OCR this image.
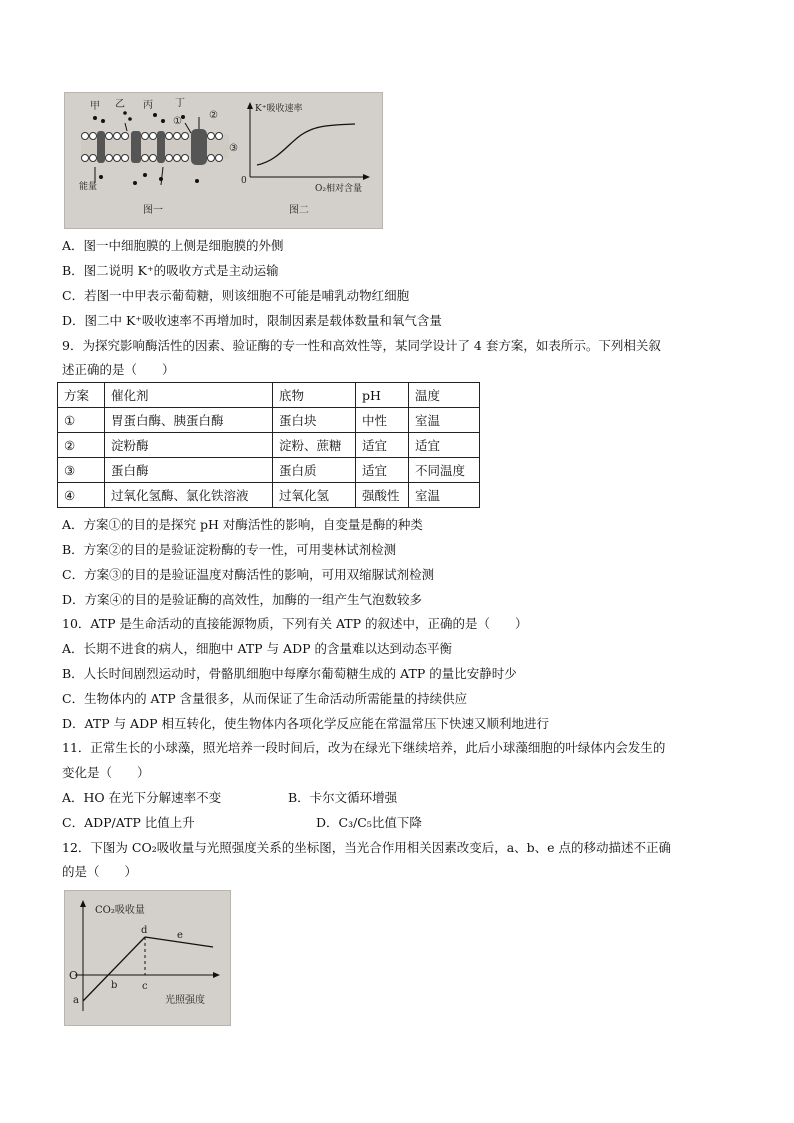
甲 乙 丙 丁
①
②
③
能量
图一
K⁺吸收速率
0
O₂相对含量
图二
A．图一中细胞膜的上侧是细胞膜的外侧
B．图二说明 K⁺的吸收方式是主动运输
C．若图一中甲表示葡萄糖，则该细胞不可能是哺乳动物红细胞
D．图二中 K⁺吸收速率不再增加时，限制因素是载体数量和氧气含量
9．为探究影响酶活性的因素、验证酶的专一性和高效性等，某同学设计了 4 套方案，如表所示。下列相关叙
述正确的是（　　）
方案	催化剂	底物	pH	温度
①	胃蛋白酶、胰蛋白酶	蛋白块	中性	室温
②	淀粉酶	淀粉、蔗糖	适宜	适宜
③	蛋白酶	蛋白质	适宜	不同温度
④	过氧化氢酶、氯化铁溶液	过氧化氢	强酸性	室温
A．方案①的目的是探究 pH 对酶活性的影响，自变量是酶的种类
B．方案②的目的是验证淀粉酶的专一性，可用斐林试剂检测
C．方案③的目的是验证温度对酶活性的影响，可用双缩脲试剂检测
D．方案④的目的是验证酶的高效性，加酶的一组产生气泡数较多
10．ATP 是生命活动的直接能源物质，下列有关 ATP 的叙述中，正确的是（　　）
A．长期不进食的病人，细胞中 ATP 与 ADP 的含量难以达到动态平衡
B．人长时间剧烈运动时，骨骼肌细胞中每摩尔葡萄糖生成的 ATP 的量比安静时少
C．生物体内的 ATP 含量很多，从而保证了生命活动所需能量的持续供应
D．ATP 与 ADP 相互转化，使生物体内各项化学反应能在常温常压下快速又顺利地进行
11．正常生长的小球藻，照光培养一段时间后，改为在绿光下继续培养，此后小球藻细胞的叶绿体内会发生的
变化是（　　）
A．HO 在光下分解速率不变	B．卡尔文循环增强
C．ADP/ATP 比值上升	D．C₃/C₅比值下降
12．下图为 CO₂吸收量与光照强度关系的坐标图，当光合作用相关因素改变后，a、b、e 点的移动描述不正确
的是（　　）
CO₂吸收量
O
光照强度
a
b c
d	e
